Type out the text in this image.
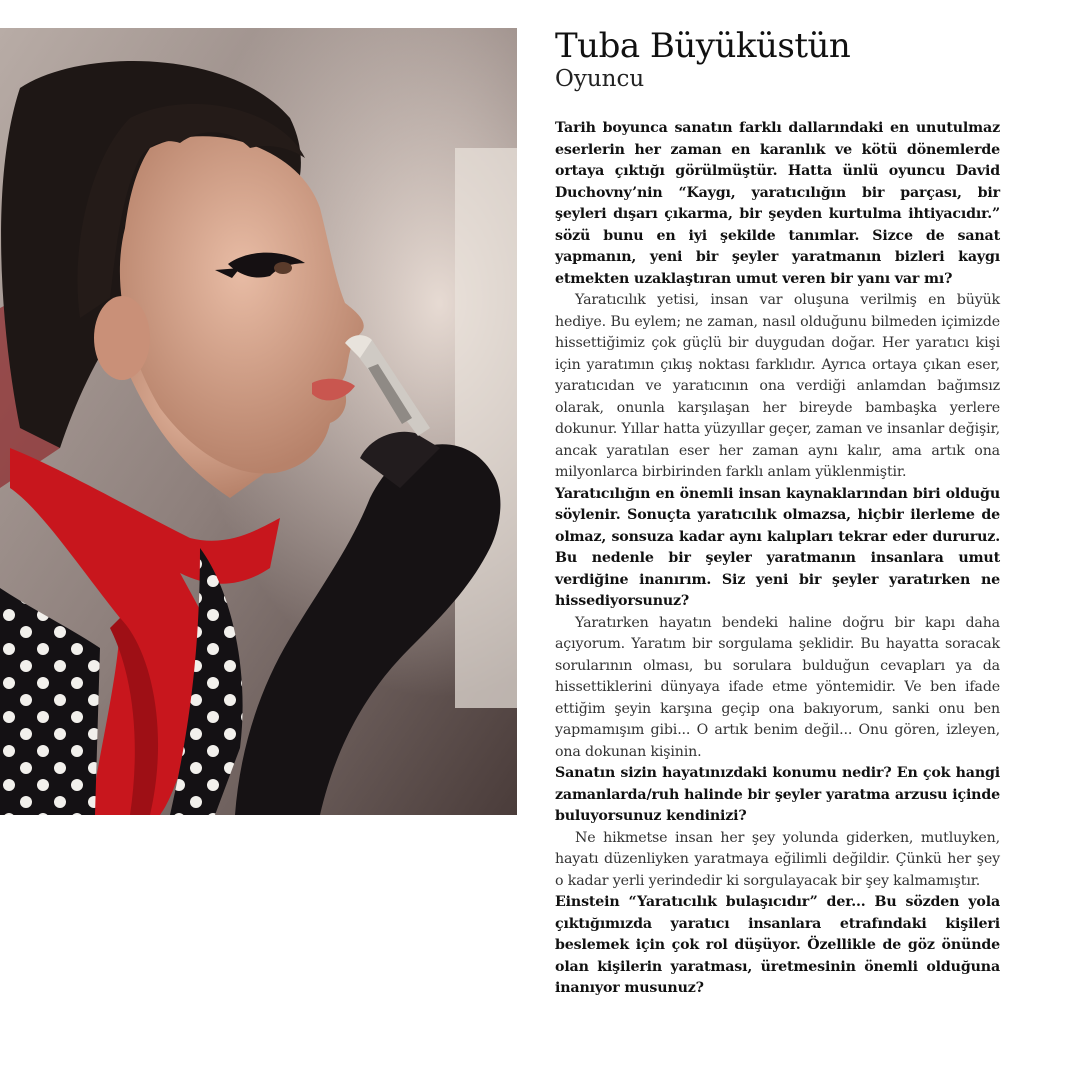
Tuba Büyüküstün
Oyuncu

Tarih boyunca sanatın farklı dallarındaki en unutulmaz eserlerin her zaman en karanlık ve kötü dönemlerde ortaya çıktığı görülmüştür. Hatta ünlü oyuncu David Duchovny’nin “Kaygı, yaratıcılığın bir parçası, bir şeyleri dışarı çıkarma, bir şeyden kurtulma ihtiyacıdır.” sözü bunu en iyi şekilde tanımlar. Sizce de sanat yapmanın, yeni bir şeyler yaratmanın bizleri kaygı etmekten uzaklaştıran umut veren bir yanı var mı?

Yaratıcılık yetisi, insan var oluşuna verilmiş en büyük hediye. Bu eylem; ne zaman, nasıl olduğunu bilmeden içimizde hissettiğimiz çok güçlü bir duygudan doğar. Her yaratıcı kişi için yaratımın çıkış noktası farklıdır. Ayrıca ortaya çıkan eser, yaratıcıdan ve yaratıcının ona verdiği anlamdan bağımsız olarak, onunla karşılaşan her bireyde bambaşka yerlere dokunur. Yıllar hatta yüzyıllar geçer, zaman ve insanlar değişir, ancak yaratılan eser her zaman aynı kalır, ama artık ona milyonlarca birbirinden farklı anlam yüklenmiştir.

Yaratıcılığın en önemli insan kaynaklarından biri olduğu söylenir. Sonuçta yaratıcılık olmazsa, hiçbir ilerleme de olmaz, sonsuza kadar aynı kalıpları tekrar eder dururuz. Bu nedenle bir şeyler yaratmanın insanlara umut verdiğine inanırım. Siz yeni bir şeyler yaratırken ne hissediyorsunuz?

Yaratırken hayatın bendeki haline doğru bir kapı daha açıyorum. Yaratım bir sorgulama şeklidir. Bu hayatta soracak sorularının olması, bu sorulara bulduğun cevapları ya da hissettiklerini dünyaya ifade etme yöntemidir. Ve ben ifade ettiğim şeyin karşına geçip ona bakıyorum, sanki onu ben yapmamışım gibi... O artık benim değil... Onu gören, izleyen, ona dokunan kişinin.

Sanatın sizin hayatınızdaki konumu nedir? En çok hangi zamanlarda/ruh halinde bir şeyler yaratma arzusu içinde buluyorsunuz kendinizi?

Ne hikmetse insan her şey yolunda giderken, mutluyken, hayatı düzenliyken yaratmaya eğilimli değildir. Çünkü her şey o kadar yerli yerindedir ki sorgulayacak bir şey kalmamıştır.

Einstein “Yaratıcılık bulaşıcıdır” der... Bu sözden yola çıktığımızda yaratıcı insanlara etrafındaki kişileri beslemek için çok rol düşüyor. Özellikle de göz önünde olan kişilerin yaratması, üretmesinin önemli olduğuna inanıyor musunuz?
